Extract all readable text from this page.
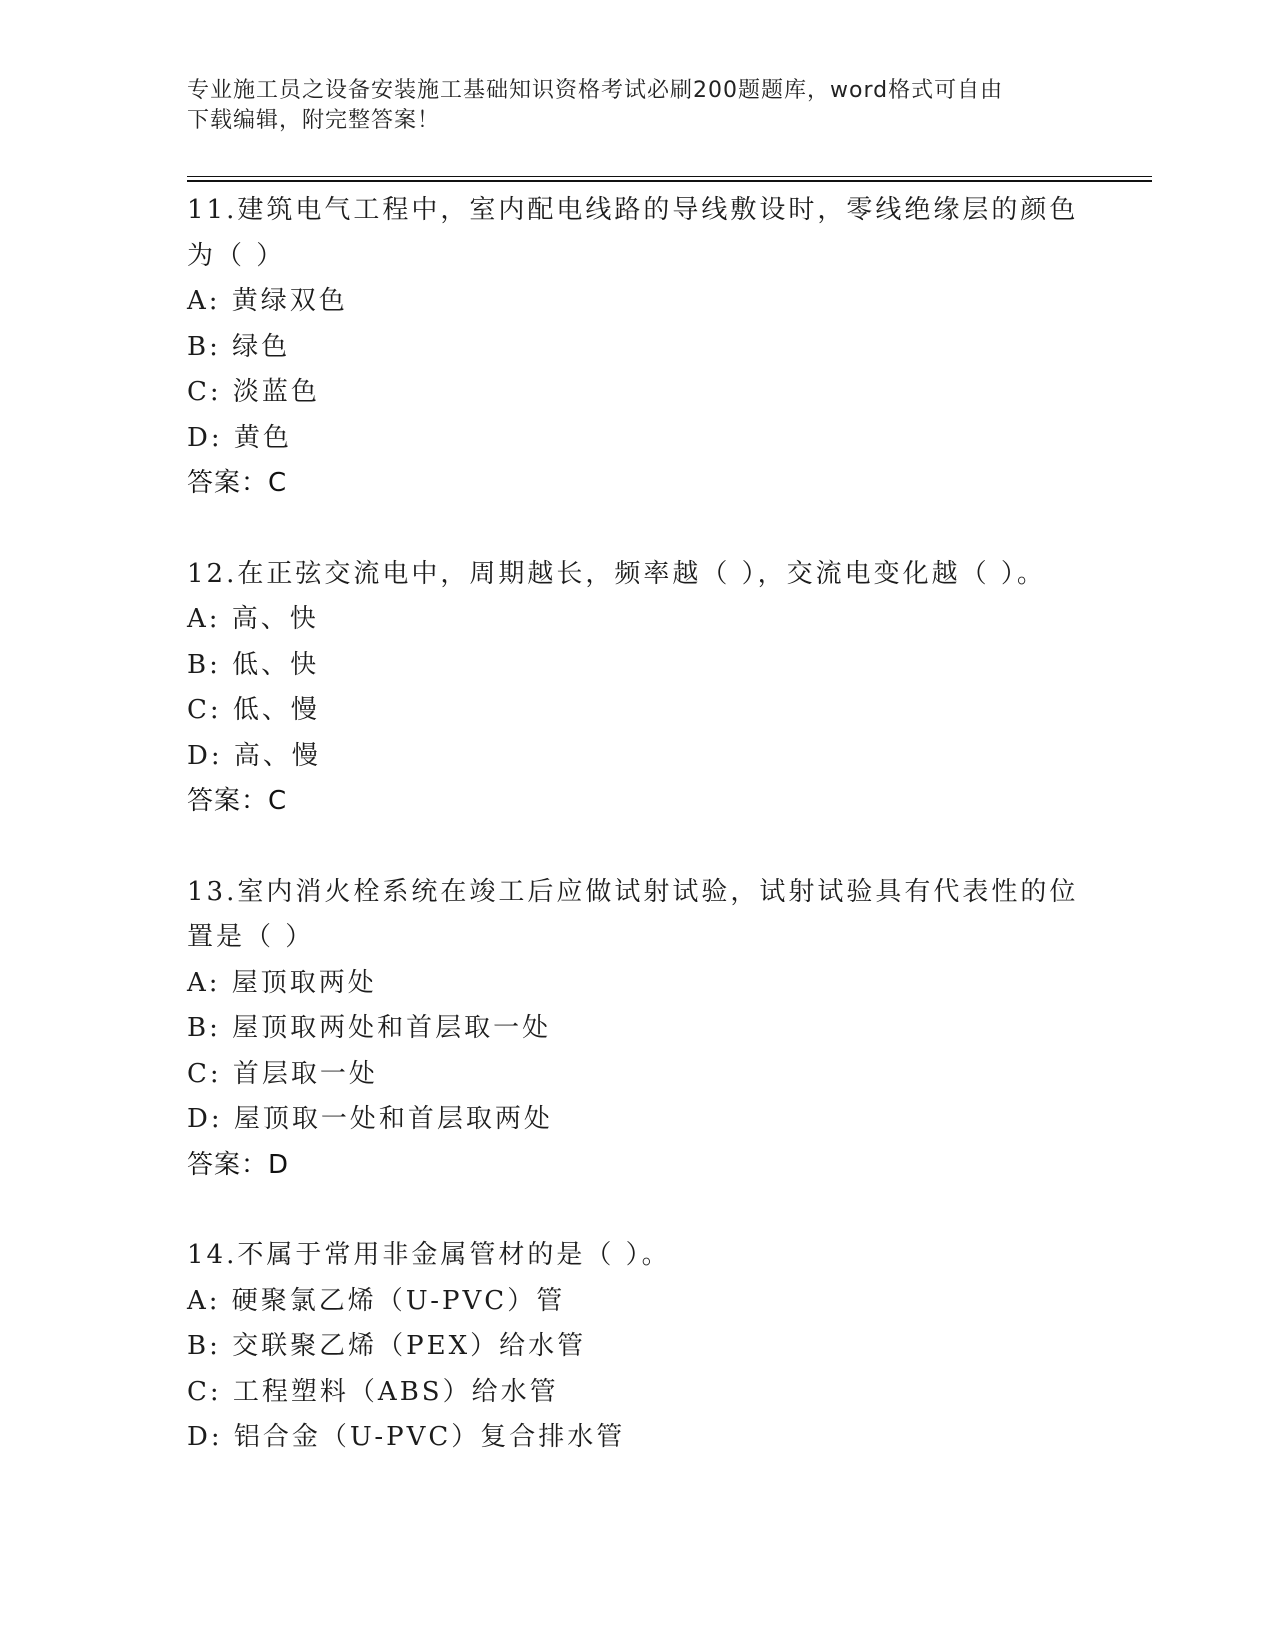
专业施工员之设备安装施工基础知识资格考试必刷200题题库，word格式可自由
下载编辑，附完整答案！
11.建筑电气工程中，室内配电线路的导线敷设时，零线绝缘层的颜色
为（ ）
A: 黄绿双色
B: 绿色
C: 淡蓝色
D: 黄色
答案：C
12.在正弦交流电中，周期越长，频率越（ ），交流电变化越（ ）。
A: 高、快
B: 低、快
C: 低、慢
D: 高、慢
答案：C
13.室内消火栓系统在竣工后应做试射试验，试射试验具有代表性的位
置是（ ）
A: 屋顶取两处
B: 屋顶取两处和首层取一处
C: 首层取一处
D: 屋顶取一处和首层取两处
答案：D
14.不属于常用非金属管材的是（ ）。
A: 硬聚氯乙烯（U-PVC）管
B: 交联聚乙烯（PEX）给水管
C: 工程塑料（ABS）给水管
D: 铝合金（U-PVC）复合排水管
